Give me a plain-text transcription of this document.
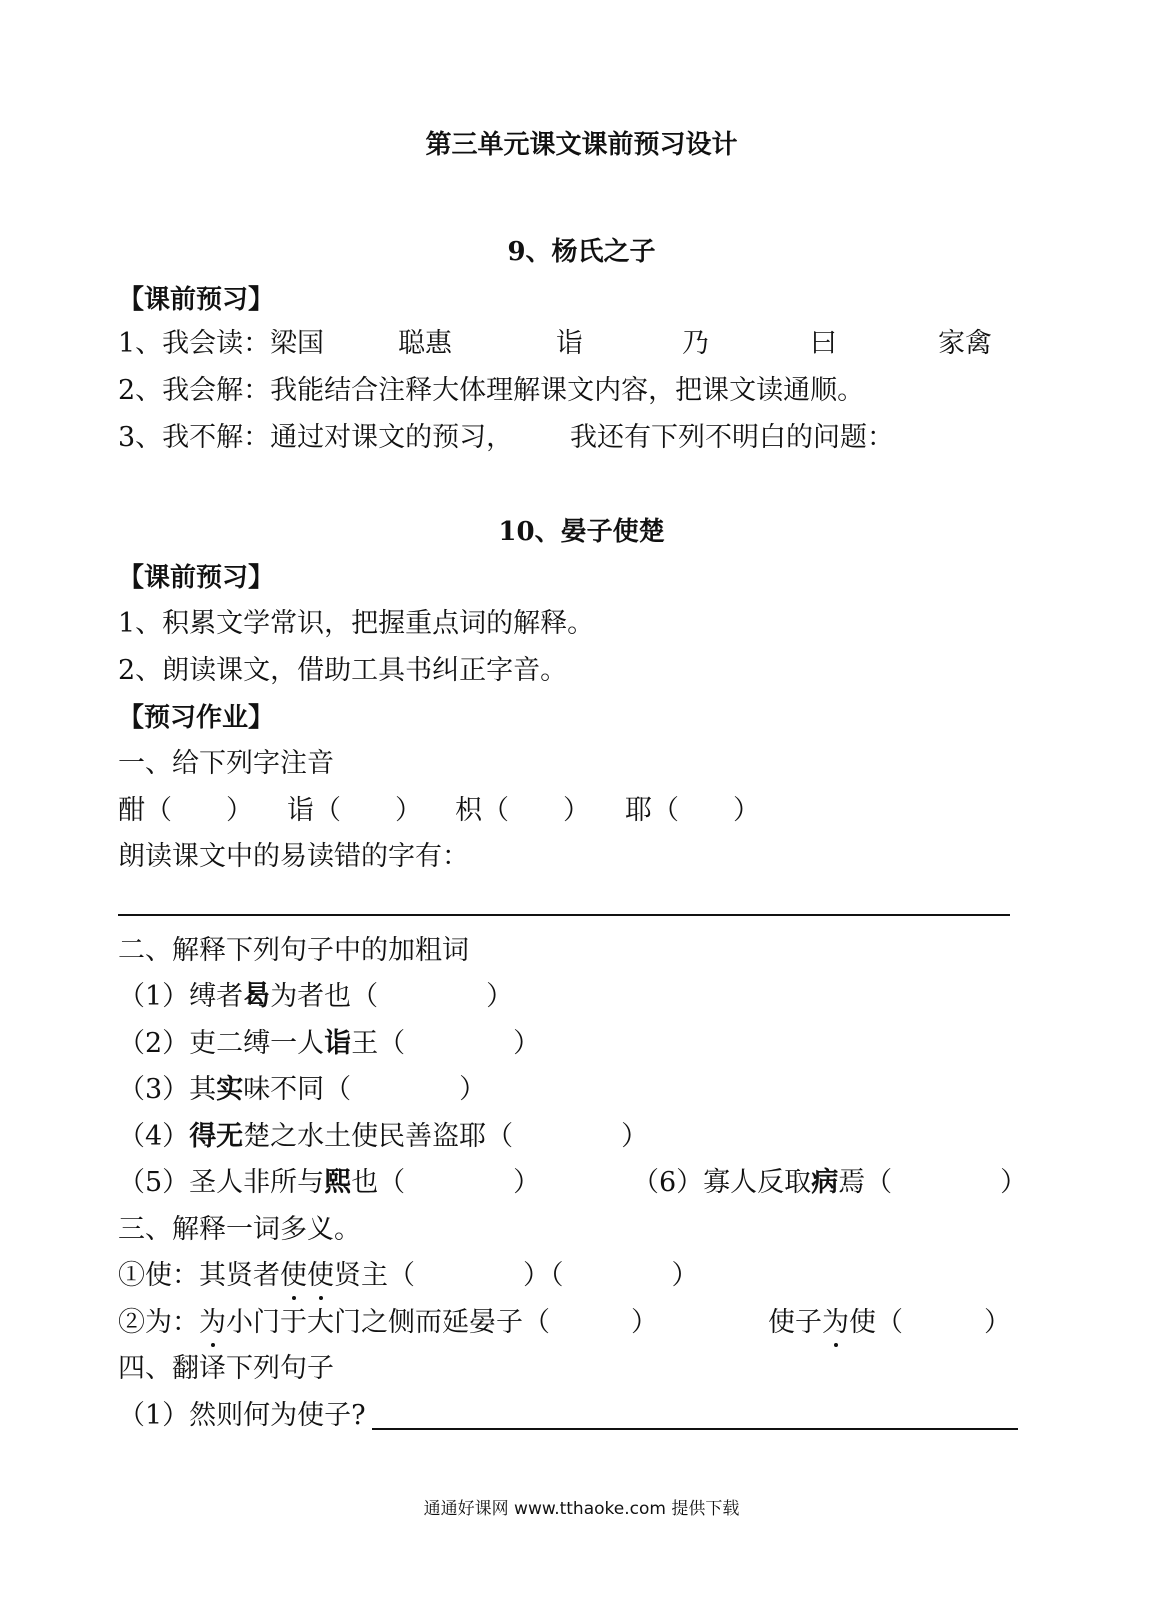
第三单元课文课前预习设计
9、杨氏之子
【课前预习】
1、我会读： 梁国	聪惠	诣	乃	曰	家禽
2、我会解：我能结合注释大体理解课文内容，把课文读通顺。
3、我不解：通过对课文的预习， 我还有下列不明白的问题：
10、晏子使楚
【课前预习】
1、积累文学常识，把握重点词的解释。
2、朗读课文，借助工具书纠正字音。
【预习作业】
一、给下列字注音
酣（　　） 诣（　　） 枳（　　） 耶（　　）
朗读课文中的易读错的字有：
二、解释下列句子中的加粗词
（1）缚者曷为者也（　　　　）
（2）吏二缚一人诣王（　　　　）
（3）其实味不同（　　　　）
（4）得无楚之水土使民善盗耶（　　　　）
（5）圣人非所与熙也（　　　　）	（6）寡人反取病焉（　　　　）
三、解释一词多义。
①使：其贤者使使贤主（　　　　）（　　　　）
②为：为小门于大门之侧而延晏子（　　　）	使子为使（　　　）
四、翻译下列句子
（1）然则何为使子?
通通好课网 www.tthaoke.com 提供下载
